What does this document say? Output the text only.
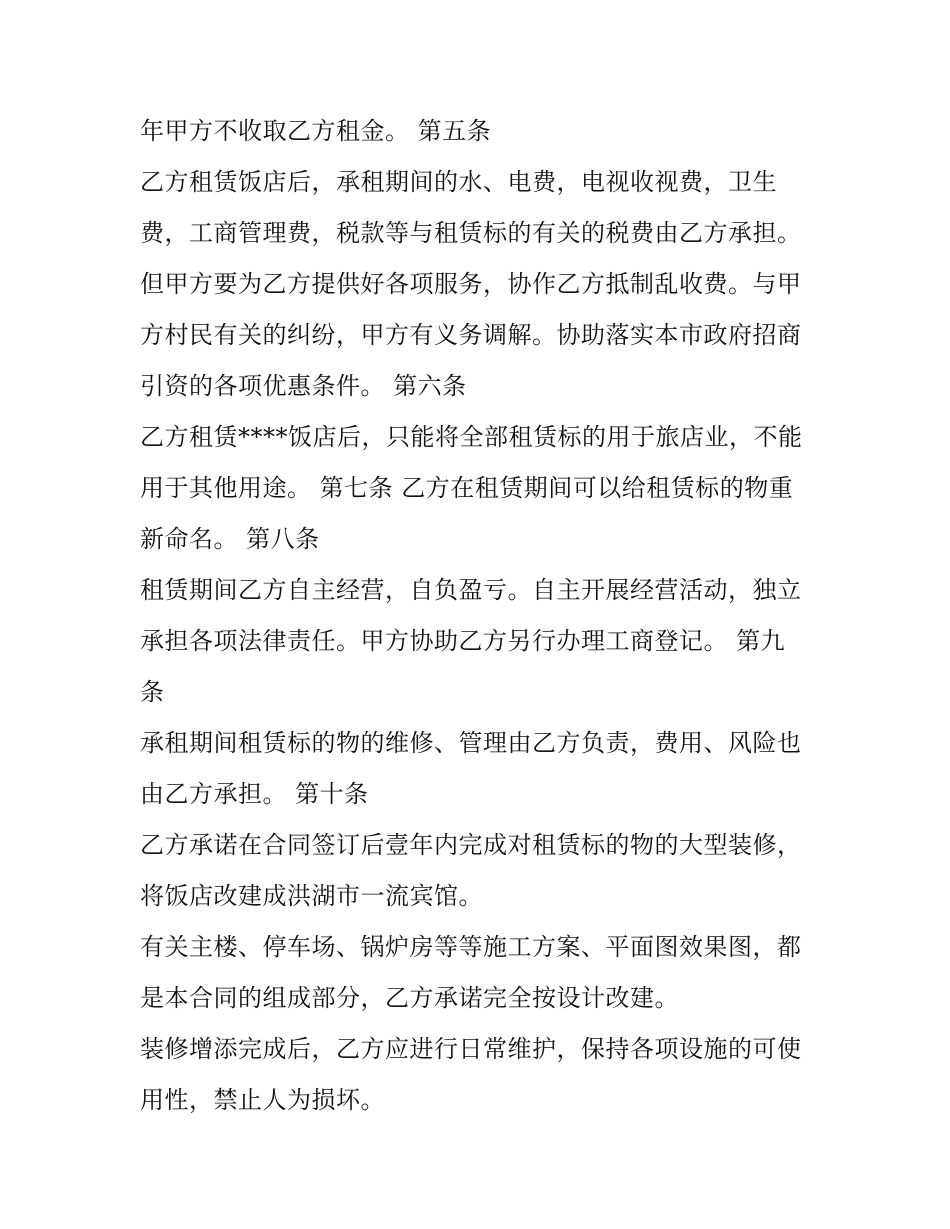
年甲方不收取乙方租金。 第五条
乙方租赁饭店后，承租期间的水、电费，电视收视费，卫生
费，工商管理费，税款等与租赁标的有关的税费由乙方承担。
但甲方要为乙方提供好各项服务，协作乙方抵制乱收费。与甲
方村民有关的纠纷，甲方有义务调解。协助落实本市政府招商
引资的各项优惠条件。 第六条
乙方租赁****饭店后，只能将全部租赁标的用于旅店业，不能
用于其他用途。 第七条 乙方在租赁期间可以给租赁标的物重
新命名。 第八条
租赁期间乙方自主经营，自负盈亏。自主开展经营活动，独立
承担各项法律责任。甲方协助乙方另行办理工商登记。 第九
条
承租期间租赁标的物的维修、管理由乙方负责，费用、风险也
由乙方承担。 第十条
乙方承诺在合同签订后壹年内完成对租赁标的物的大型装修，
将饭店改建成洪湖市一流宾馆。
有关主楼、停车场、锅炉房等等施工方案、平面图效果图，都
是本合同的组成部分，乙方承诺完全按设计改建。
装修增添完成后，乙方应进行日常维护，保持各项设施的可使
用性，禁止人为损坏。
